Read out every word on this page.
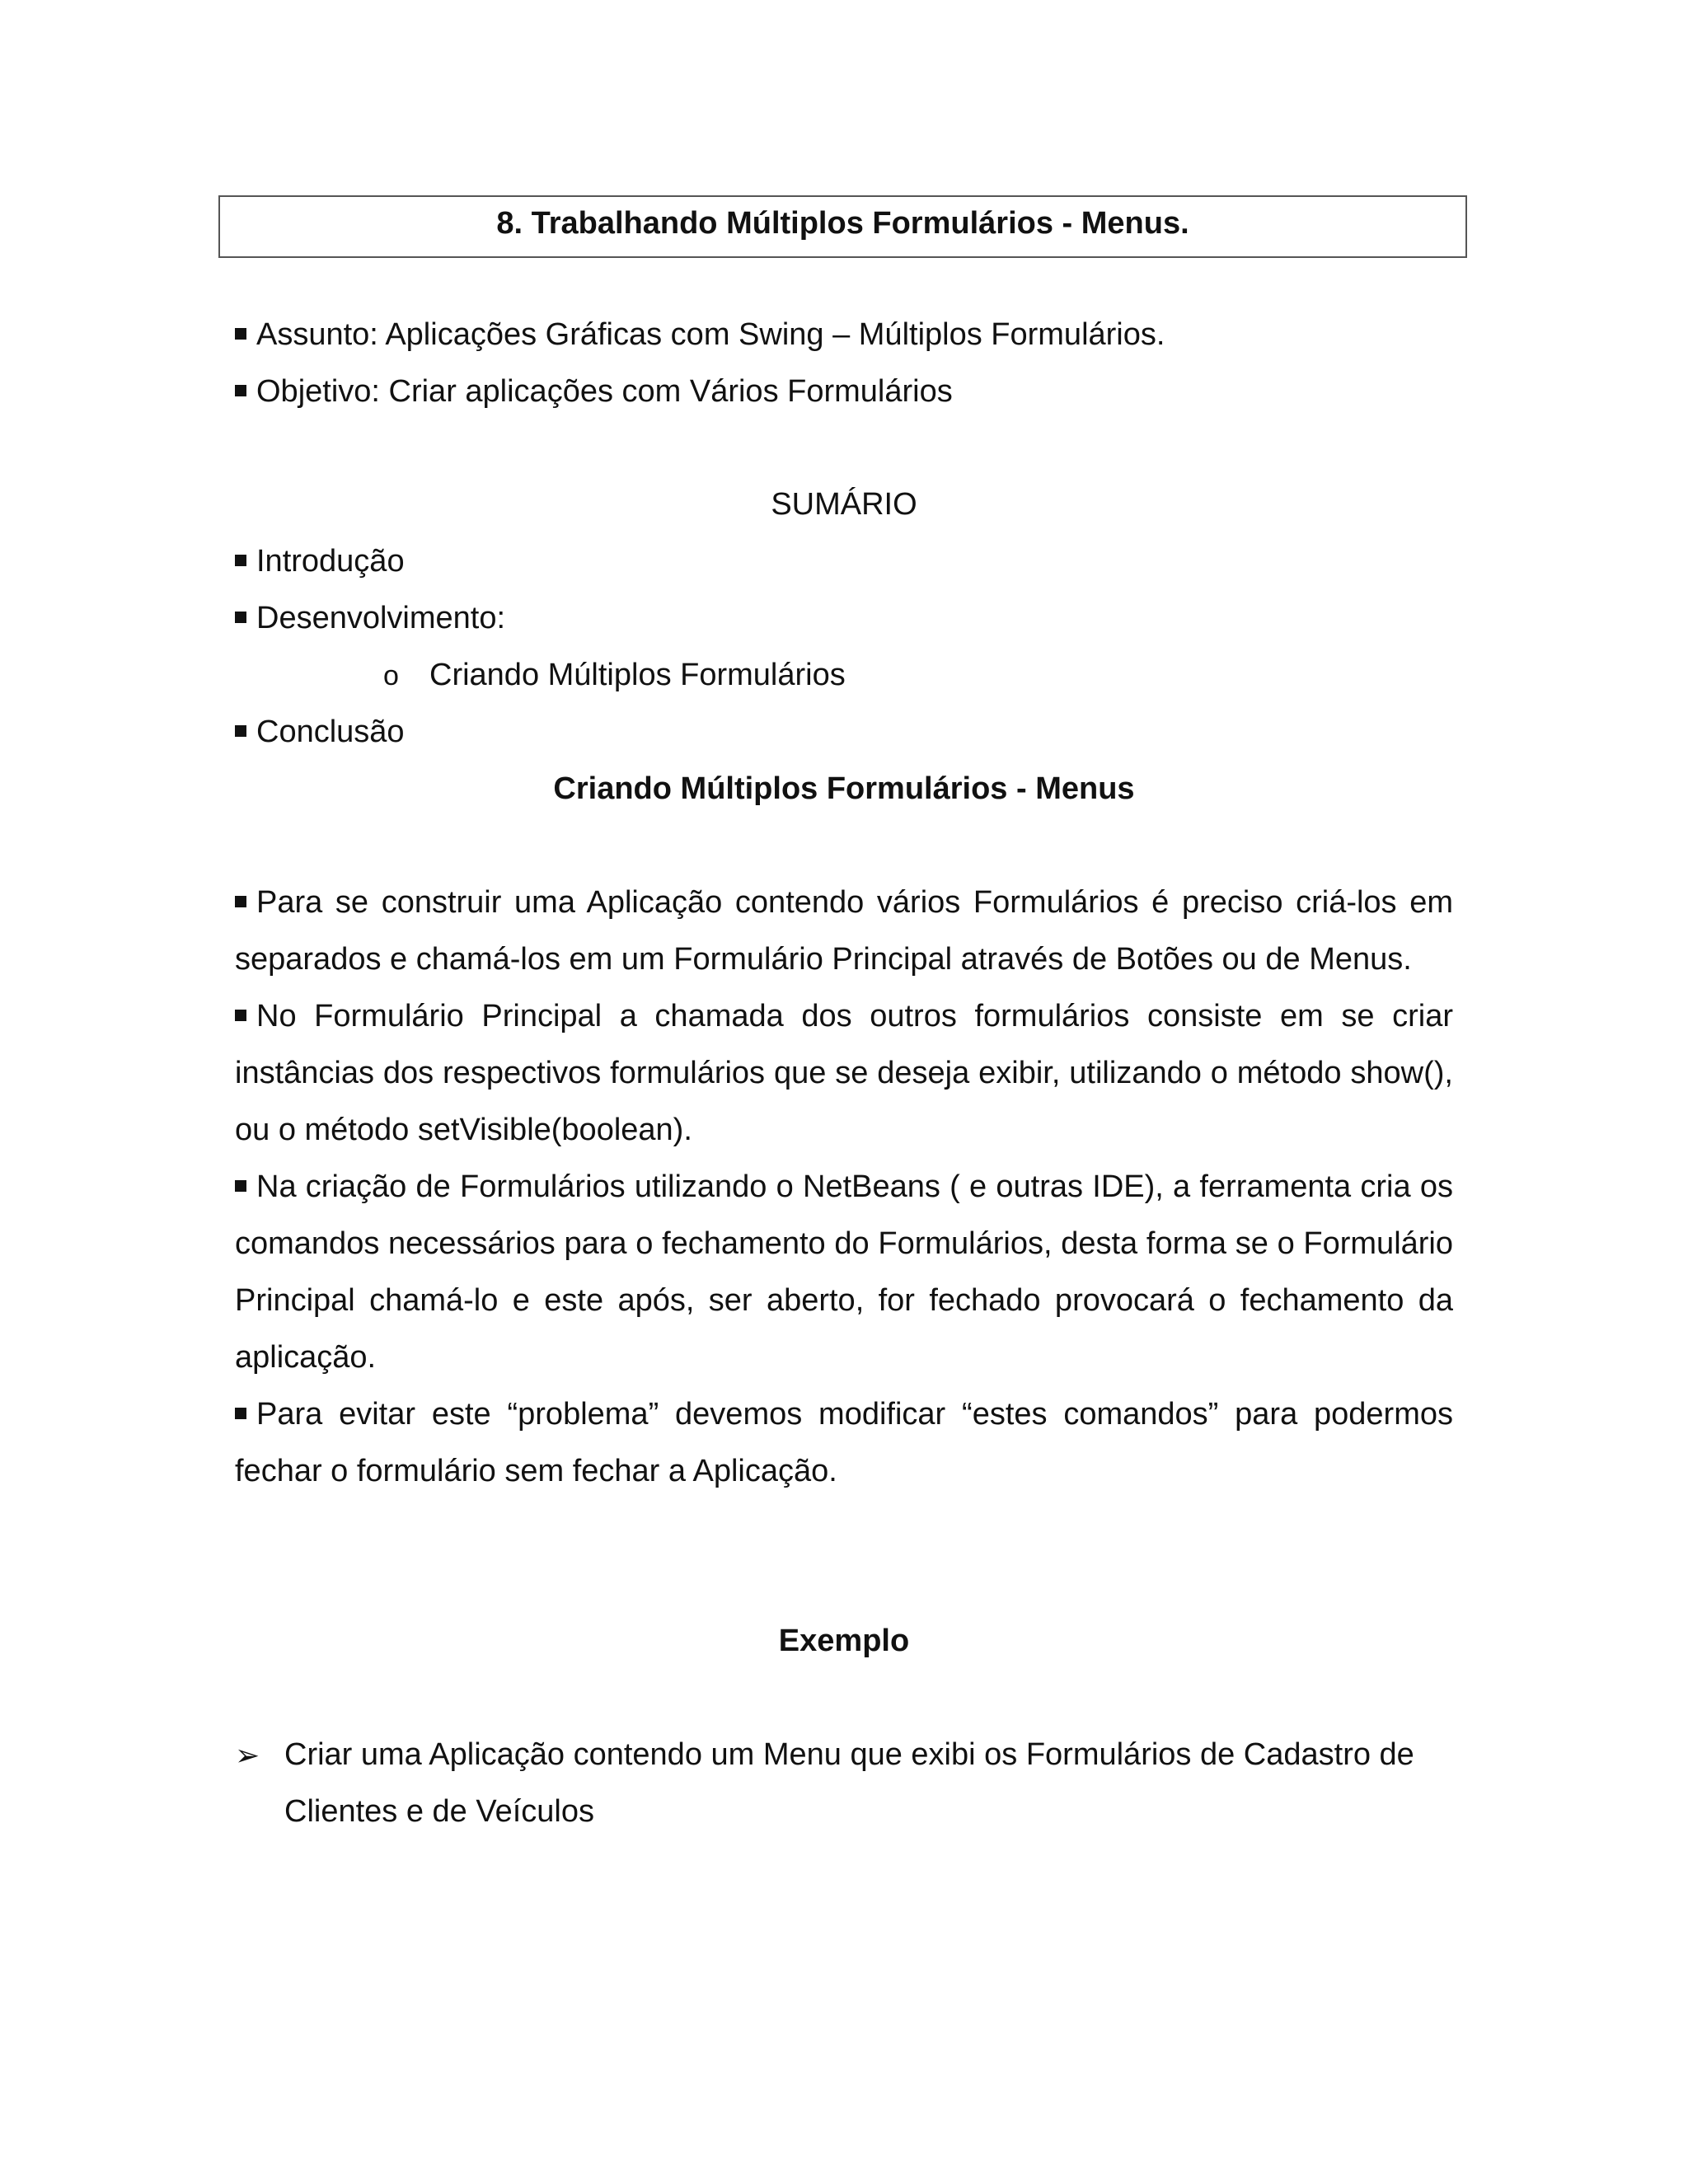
8. Trabalhando Múltiplos Formulários - Menus.
Assunto: Aplicações Gráficas com Swing – Múltiplos Formulários.
Objetivo: Criar aplicações com Vários Formulários
SUMÁRIO
Introdução
Desenvolvimento:
o Criando Múltiplos Formulários
Conclusão
Criando Múltiplos Formulários - Menus

Para se construir uma Aplicação contendo vários Formulários é preciso criá-los em separados e chamá-los em um Formulário Principal através de Botões ou de Menus.

No Formulário Principal a chamada dos outros formulários consiste em se criar instâncias dos respectivos formulários que se deseja exibir, utilizando o método show(), ou o método setVisible(boolean).

Na criação de Formulários utilizando o NetBeans ( e outras IDE), a ferramenta cria os comandos necessários para o fechamento do Formulários, desta forma se o Formulário Principal chamá-lo e este após, ser aberto, for fechado provocará o fechamento da aplicação.

Para evitar este “problema” devemos modificar “estes comandos” para podermos fechar o formulário sem fechar a Aplicação.

Exemplo
➢ Criar uma Aplicação contendo um Menu que exibi os Formulários de Cadastro de Clientes e de Veículos
